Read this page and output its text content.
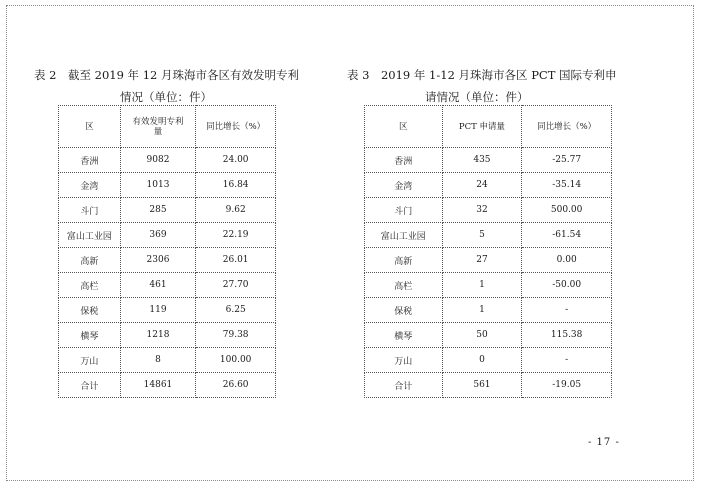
表 2　截至 2019 年 12 月珠海市各区有效发明专利
情况（单位：件）
区	有效发明专利量	同比增长（%）
香洲	9082	24.00
金湾	1013	16.84
斗门	285	9.62
富山工业园	369	22.19
高新	2306	26.01
高栏	461	27.70
保税	119	6.25
横琴	1218	79.38
万山	8	100.00
合计	14861	26.60
表 3　2019 年 1-12 月珠海市各区 PCT 国际专利申
请情况（单位：件）
区	PCT 申请量	同比增长（%）
香洲	435	-25.77
金湾	24	-35.14
斗门	32	500.00
富山工业园	5	-61.54
高新	27	0.00
高栏	1	-50.00
保税	1	-
横琴	50	115.38
万山	0	-
合计	561	-19.05
- 17 -
